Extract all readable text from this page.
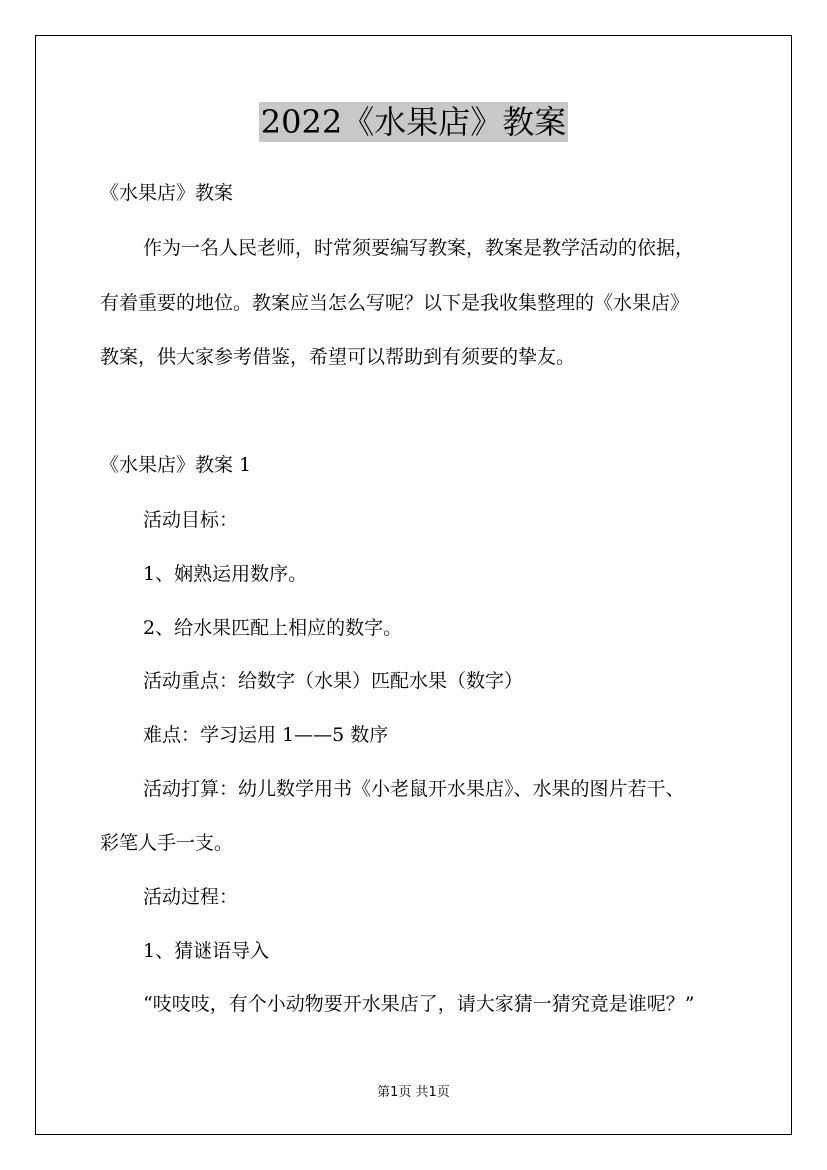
2022《水果店》教案
《水果店》教案
作为一名人民老师，时常须要编写教案，教案是教学活动的依据，
有着重要的地位。教案应当怎么写呢？以下是我收集整理的《水果店》
教案，供大家参考借鉴，希望可以帮助到有须要的挚友。
《水果店》教案 1
活动目标：
1、娴熟运用数序。
2、给水果匹配上相应的数字。
活动重点：给数字（水果）匹配水果（数字）
难点：学习运用 1——5 数序
活动打算：幼儿数学用书《小老鼠开水果店》、水果的图片若干、
彩笔人手一支。
活动过程：
1、猜谜语导入
“吱吱吱，有个小动物要开水果店了，请大家猜一猜究竟是谁呢？”
第1页 共1页
